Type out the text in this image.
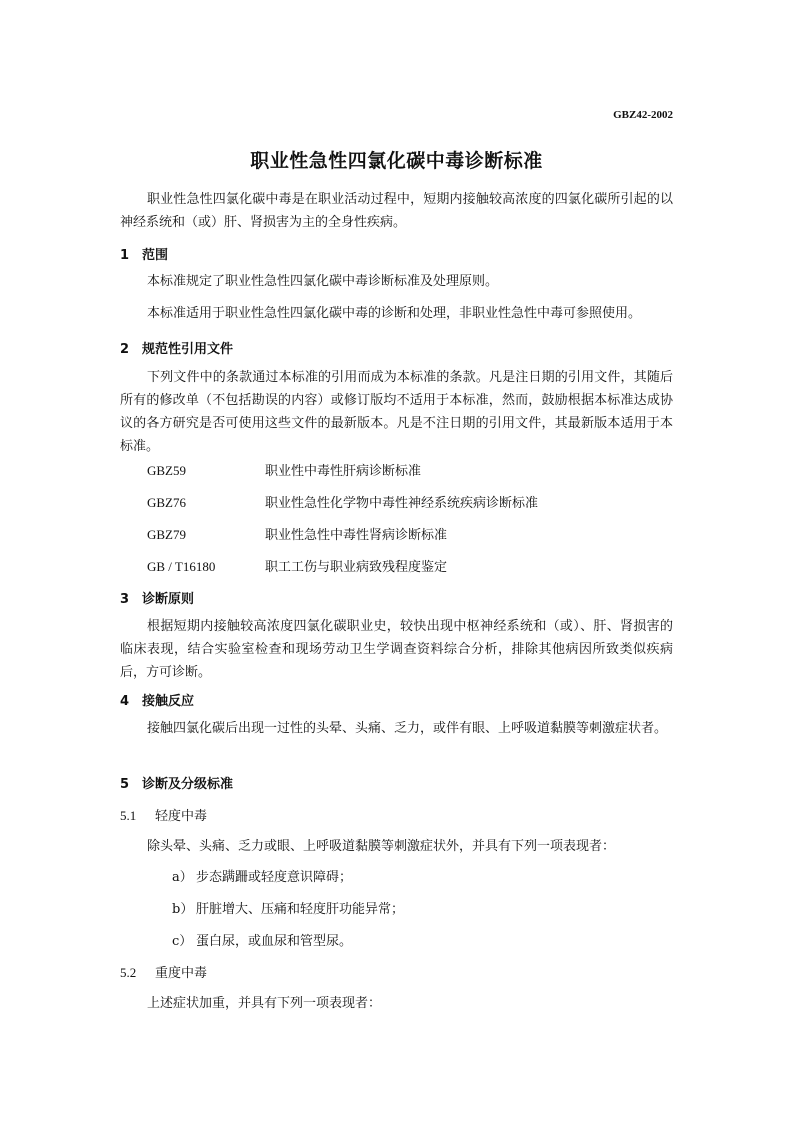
GBZ42-2002
职业性急性四氯化碳中毒诊断标准

职业性急性四氯化碳中毒是在职业活动过程中，短期内接触较高浓度的四氯化碳所引起的以神经系统和（或）肝、肾损害为主的全身性疾病。

1 范围

本标准规定了职业性急性四氯化碳中毒诊断标准及处理原则。

本标准适用于职业性急性四氯化碳中毒的诊断和处理，非职业性急性中毒可参照使用。

2 规范性引用文件

下列文件中的条款通过本标准的引用而成为本标准的条款。凡是注日期的引用文件，其随后所有的修改单（不包括勘误的内容）或修订版均不适用于本标准，然而，鼓励根据本标准达成协议的各方研究是否可使用这些文件的最新版本。凡是不注日期的引用文件，其最新版本适用于本标准。

GBZ59	职业性中毒性肝病诊断标准

GBZ76	职业性急性化学物中毒性神经系统疾病诊断标准

GBZ79	职业性急性中毒性肾病诊断标准

GB / T16180	职工工伤与职业病致残程度鉴定

3 诊断原则

根据短期内接触较高浓度四氯化碳职业史，较快出现中枢神经系统和（或）、肝、肾损害的临床表现，结合实验室检查和现场劳动卫生学调查资料综合分析，排除其他病因所致类似疾病后，方可诊断。

4 接触反应

接触四氯化碳后出现一过性的头晕、头痛、乏力，或伴有眼、上呼吸道黏膜等刺激症状者。

5 诊断及分级标准

5.1 轻度中毒

除头晕、头痛、乏力或眼、上呼吸道黏膜等刺激症状外，并具有下列一项表现者：

a） 步态蹒跚或轻度意识障碍；

b） 肝脏增大、压痛和轻度肝功能异常；

c） 蛋白尿，或血尿和管型尿。

5.2 重度中毒

上述症状加重，并具有下列一项表现者：
